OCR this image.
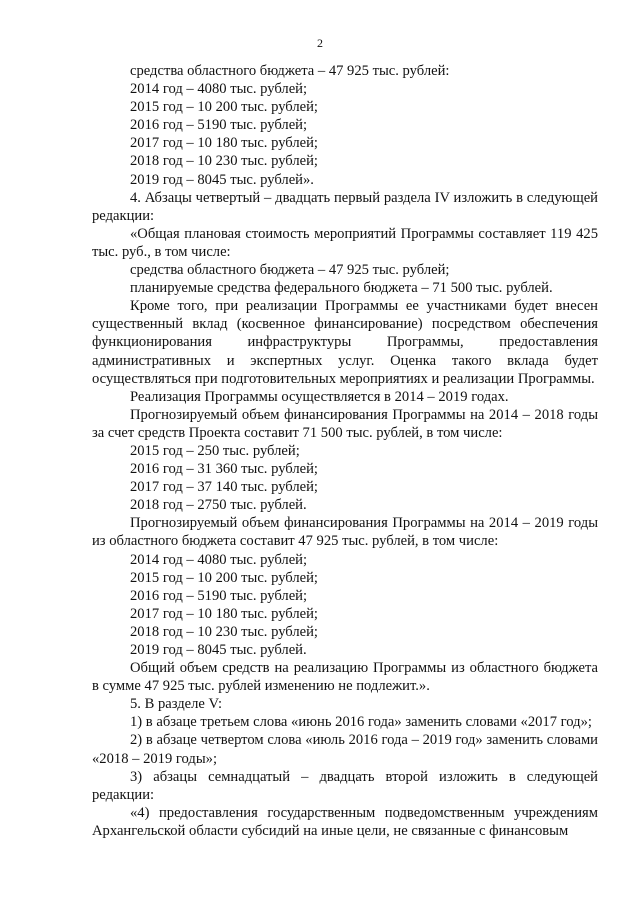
2

средства областного бюджета – 47 925 тыс. рублей:

2014 год – 4080 тыс. рублей;

2015 год – 10 200 тыс. рублей;

2016 год – 5190 тыс. рублей;

2017 год – 10 180 тыс. рублей;

2018 год – 10 230 тыс. рублей;

2019 год – 8045 тыс. рублей».

4. Абзацы четвертый – двадцать первый раздела IV изложить в следующей редакции:

«Общая плановая стоимость мероприятий Программы составляет 119 425 тыс. руб., в том числе:

средства областного бюджета – 47 925 тыс. рублей;

планируемые средства федерального бюджета – 71 500 тыс. рублей.

Кроме того, при реализации Программы ее участниками будет внесен существенный вклад (косвенное финансирование) посредством обеспечения функционирования инфраструктуры Программы, предоставления административных и экспертных услуг. Оценка такого вклада будет осуществляться при подготовительных мероприятиях и реализации Программы.

Реализация Программы осуществляется в 2014 – 2019 годах.

Прогнозируемый объем финансирования Программы на 2014 – 2018 годы за счет средств Проекта составит 71 500 тыс. рублей, в том числе:

2015 год – 250 тыс. рублей;

2016 год – 31 360 тыс. рублей;

2017 год – 37 140 тыс. рублей;

2018 год – 2750 тыс. рублей.

Прогнозируемый объем финансирования Программы на 2014 – 2019 годы из областного бюджета составит 47 925 тыс. рублей, в том числе:

2014 год – 4080 тыс. рублей;

2015 год – 10 200 тыс. рублей;

2016 год – 5190 тыс. рублей;

2017 год – 10 180 тыс. рублей;

2018 год – 10 230 тыс. рублей;

2019 год – 8045 тыс. рублей.

Общий объем средств на реализацию Программы из областного бюджета в сумме 47 925 тыс. рублей изменению не подлежит.».

5. В разделе V:

1) в абзаце третьем слова «июнь 2016 года» заменить словами «2017 год»;

2) в абзаце четвертом слова «июль 2016 года – 2019 год» заменить словами «2018 – 2019 годы»;

3) абзацы семнадцатый – двадцать второй изложить в следующей редакции:

«4) предоставления государственным подведомственным учреждениям Архангельской области субсидий на иные цели, не связанные с финансовым
